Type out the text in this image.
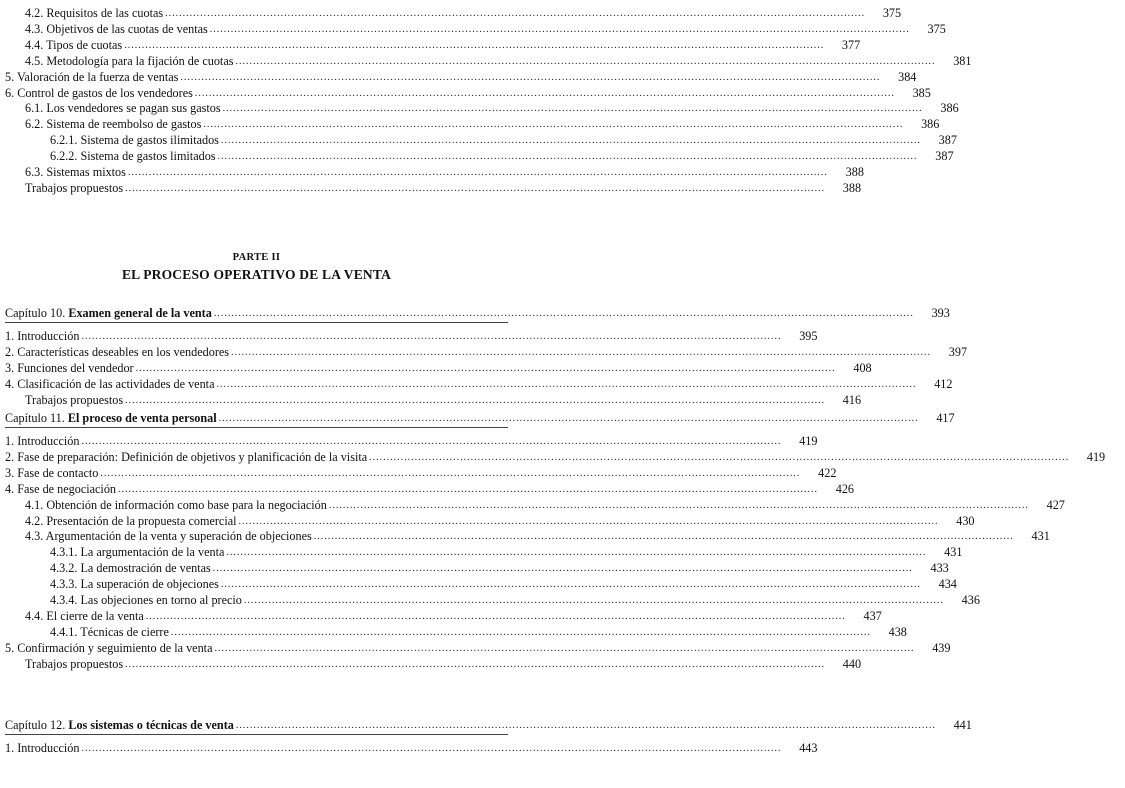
4.2. Requisitos de las cuotas ........................................................................................................................................................................................................	375
4.3. Objetivos de las cuotas de ventas ........................................................................................................................................................................................................	375
4.4. Tipos de cuotas ........................................................................................................................................................................................................	377
4.5. Metodología para la fijación de cuotas ........................................................................................................................................................................................................	381
5. Valoración de la fuerza de ventas ........................................................................................................................................................................................................	384
6. Control de gastos de los vendedores ........................................................................................................................................................................................................	385
6.1. Los vendedores se pagan sus gastos ........................................................................................................................................................................................................	386
6.2. Sistema de reembolso de gastos ........................................................................................................................................................................................................	386
6.2.1. Sistema de gastos ilimitados ........................................................................................................................................................................................................	387
6.2.2. Sistema de gastos limitados ........................................................................................................................................................................................................	387
6.3. Sistemas mixtos ........................................................................................................................................................................................................	388
Trabajos propuestos ........................................................................................................................................................................................................	388
PARTE II
EL PROCESO OPERATIVO DE LA VENTA
Capítulo 10. Examen general de la venta ........................................................................................................................................................................................................	393
1. Introducción ........................................................................................................................................................................................................	395
2. Características deseables en los vendedores ........................................................................................................................................................................................................	397
3. Funciones del vendedor ........................................................................................................................................................................................................	408
4. Clasificación de las actividades de venta ........................................................................................................................................................................................................	412
Trabajos propuestos ........................................................................................................................................................................................................	416
Capítulo 11. El proceso de venta personal ........................................................................................................................................................................................................	417
1. Introducción ........................................................................................................................................................................................................	419
2. Fase de preparación: Definición de objetivos y planificación de la visita ........................................................................................................................................................................................................	419
3. Fase de contacto ........................................................................................................................................................................................................	422
4. Fase de negociación ........................................................................................................................................................................................................	426
4.1. Obtención de información como base para la negociación ........................................................................................................................................................................................................	427
4.2. Presentación de la propuesta comercial ........................................................................................................................................................................................................	430
4.3. Argumentación de la venta y superación de objeciones ........................................................................................................................................................................................................	431
4.3.1. La argumentación de la venta ........................................................................................................................................................................................................	431
4.3.2. La demostración de ventas ........................................................................................................................................................................................................	433
4.3.3. La superación de objeciones ........................................................................................................................................................................................................	434
4.3.4. Las objeciones en torno al precio ........................................................................................................................................................................................................	436
4.4. El cierre de la venta ........................................................................................................................................................................................................	437
4.4.1. Técnicas de cierre ........................................................................................................................................................................................................	438
5. Confirmación y seguimiento de la venta ........................................................................................................................................................................................................	439
Trabajos propuestos ........................................................................................................................................................................................................	440
Capítulo 12. Los sistemas o técnicas de venta ........................................................................................................................................................................................................	441
1. Introducción ........................................................................................................................................................................................................	443
